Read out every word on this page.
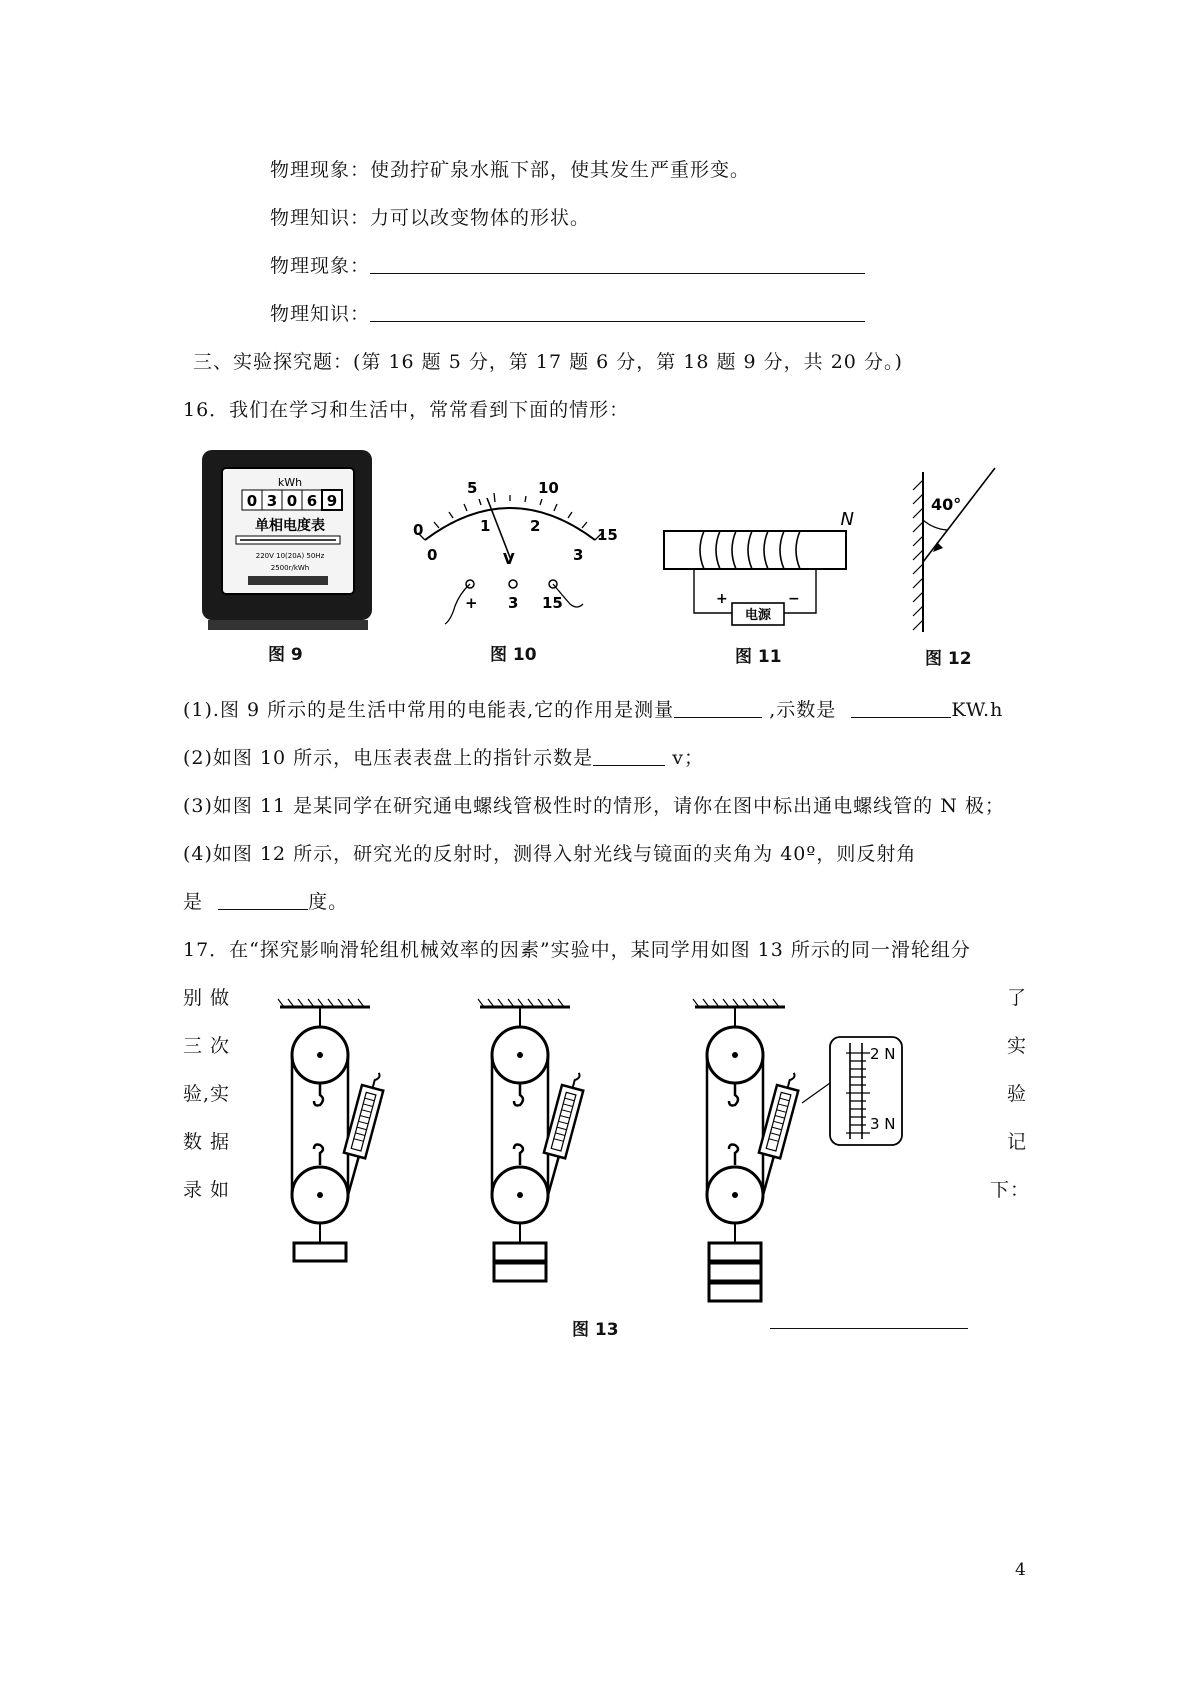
物理现象：使劲拧矿泉水瓶下部，使其发生严重形变。
物理知识：力可以改变物体的形状。
物理现象：
物理知识：
三、实验探究题：(第 16 题 5 分，第 17 题 6 分，第 18 题 9 分，共 20 分。)
16．我们在学习和生活中，常常看到下面的情形：
kWh
0 3 0 6 9
单相电度表
220V 10(20A) 50Hz
2500r/kWh
图 9
0
5	10
15
0
1	2
3
V
+ 3 15
图 10
电源
+	−
N
图 11
40°
图 12
(1).图 9 所示的是生活中常用的电能表,它的作用是测量	,示数是	KW.h
(2)如图 10 所示，电压表表盘上的指针示数是	v；
(3)如图 11 是某同学在研究通电螺线管极性时的情形，请你在图中标出通电螺线管的 N 极；
(4)如图 12 所示，研究光的反射时，测得入射光线与镜面的夹角为 40º，则反射角
是	度。
17．在“探究影响滑轮组机械效率的因素”实验中，某同学用如图 13 所示的同一滑轮组分
别 做
三 次
验,实
数 据
录 如
了
实
验
记
下：
2 N
3 N
图 13
4
